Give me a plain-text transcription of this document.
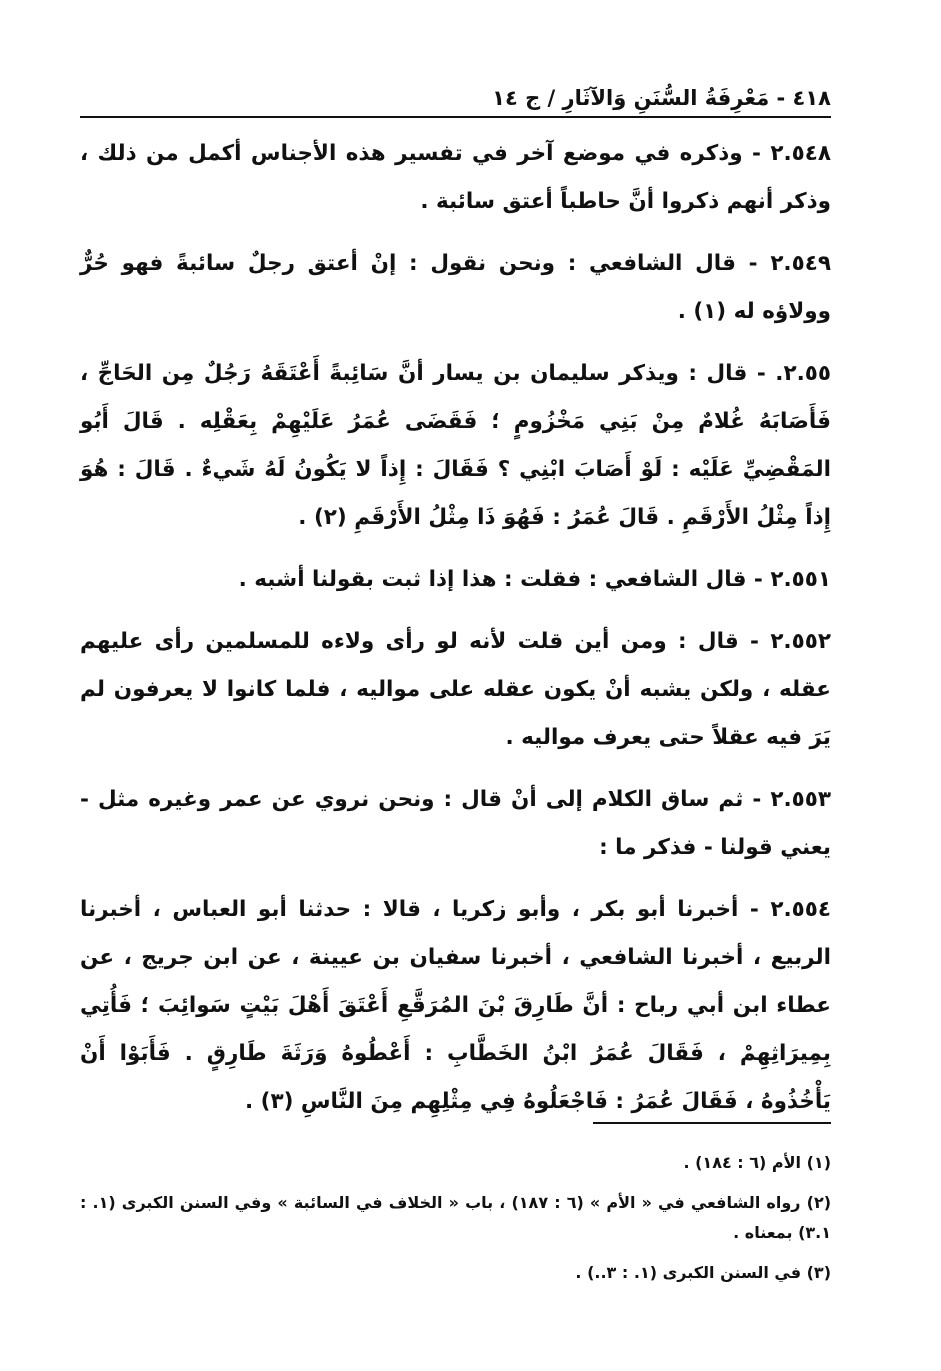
٤١٨ - مَعْرِفَةُ السُّنَنِ وَالآثَارِ / ج ١٤

٢.٥٤٨ - وذكره في موضع آخر في تفسير هذه الأجناس أكمل من ذلك ، وذكر أنهم ذكروا أنَّ حاطباً أعتق سائبة .

٢.٥٤٩ - قال الشافعي : ونحن نقول : إنْ أعتق رجلٌ سائبةً فهو حُرٌّ وولاؤه له (١) .

٢.٥٥. - قال : ويذكر سليمان بن يسار أنَّ سَائِبةً أَعْتَقَهُ رَجُلٌ مِن الحَاجِّ ، فَأَصَابَهُ غُلامٌ مِنْ بَنِي مَخْزُومٍ ؛ فَقَضَى عُمَرُ عَلَيْهِمْ بِعَقْلِه . قَالَ أَبُو المَقْضِيِّ عَلَيْه : لَوْ أَصَابَ ابْنِي ؟ فَقَالَ : إِذاً لا يَكُونُ لَهُ شَيءٌ . قَالَ : هُوَ إِذاً مِثْلُ الأَرْقَمِ . قَالَ عُمَرُ : فَهُوَ ذَا مِثْلُ الأَرْقَمِ (٢) .

٢.٥٥١ - قال الشافعي : فقلت : هذا إذا ثبت بقولنا أشبه .

٢.٥٥٢ - قال : ومن أين قلت لأنه لو رأى ولاءه للمسلمين رأى عليهم عقله ، ولكن يشبه أنْ يكون عقله على مواليه ، فلما كانوا لا يعرفون لم يَرَ فيه عقلاً حتى يعرف مواليه .

٢.٥٥٣ - ثم ساق الكلام إلى أنْ قال : ونحن نروي عن عمر وغيره مثل - يعني قولنا - فذكر ما :

٢.٥٥٤ - أخبرنا أبو بكر ، وأبو زكريا ، قالا : حدثنا أبو العباس ، أخبرنا الربيع ، أخبرنا الشافعي ، أخبرنا سفيان بن عيينة ، عن ابن جريج ، عن عطاء ابن أبي رباح : أنَّ طَارِقَ بْنَ المُرَقَّعِ أَعْتَقَ أَهْلَ بَيْتٍ سَوائِبَ ؛ فَأُتِي بِمِيرَاثِهِمْ ، فَقَالَ عُمَرُ ابْنُ الخَطَّابِ : أَعْطُوهُ وَرَثَةَ طَارِقٍ . فَأَبَوْا أَنْ يَأْخُذُوهُ ، فَقَالَ عُمَرُ : فَاجْعَلُوهُ فِي مِثْلِهِم مِنَ النَّاسِ (٣) .

(١) الأم (٦ : ١٨٤) .

(٢) رواه الشافعي في « الأم » (٦ : ١٨٧) ، باب « الخلاف في السائبة » وفي السنن الكبرى (١. : ٣.١) بمعناه .

(٣) في السنن الكبرى (١. : ٣..) .
